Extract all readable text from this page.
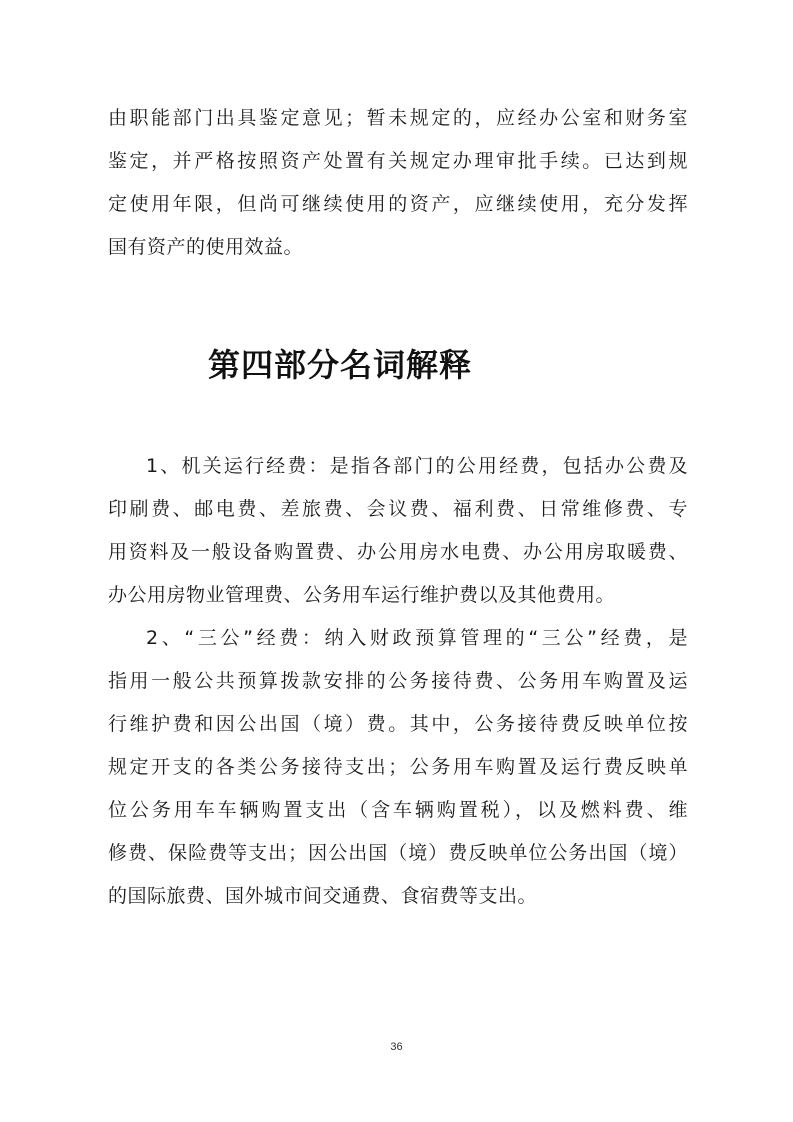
由职能部门出具鉴定意见；暂未规定的，应经办公室和财务室
鉴定，并严格按照资产处置有关规定办理审批手续。已达到规
定使用年限，但尚可继续使用的资产，应继续使用，充分发挥
国有资产的使用效益。
第四部分名词解释
1、机关运行经费：是指各部门的公用经费，包括办公费及
印刷费、邮电费、差旅费、会议费、福利费、日常维修费、专
用资料及一般设备购置费、办公用房水电费、办公用房取暖费、
办公用房物业管理费、公务用车运行维护费以及其他费用。
2、“三公”经费：纳入财政预算管理的“三公”经费，是
指用一般公共预算拨款安排的公务接待费、公务用车购置及运
行维护费和因公出国（境）费。其中，公务接待费反映单位按
规定开支的各类公务接待支出；公务用车购置及运行费反映单
位公务用车车辆购置支出（含车辆购置税），以及燃料费、维
修费、保险费等支出；因公出国（境）费反映单位公务出国（境）
的国际旅费、国外城市间交通费、食宿费等支出。
36
